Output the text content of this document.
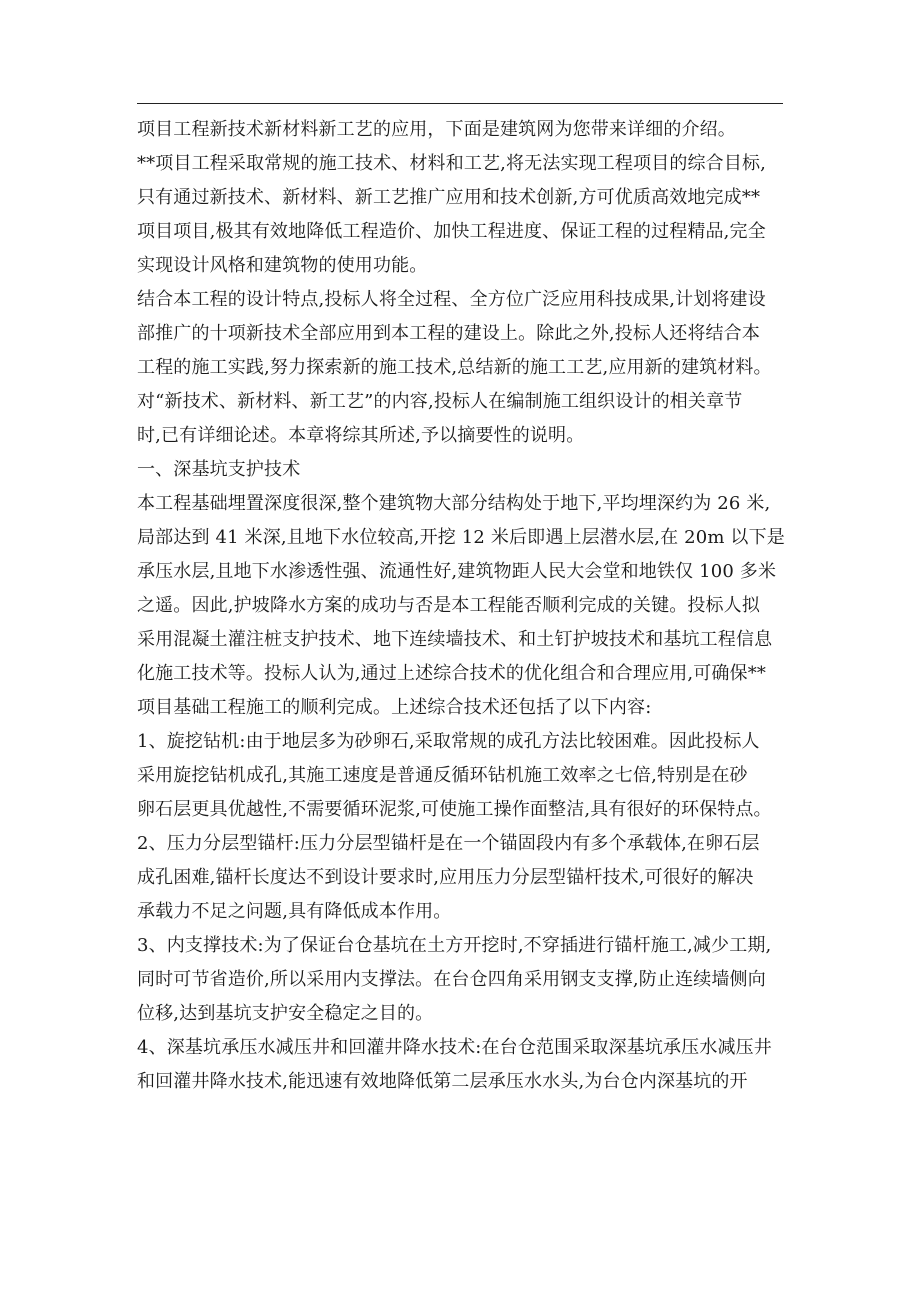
项目工程新技术新材料新工艺的应用，下面是建筑网为您带来详细的介绍。
**项目工程采取常规的施工技术、材料和工艺,将无法实现工程项目的综合目标,
只有通过新技术、新材料、新工艺推广应用和技术创新,方可优质高效地完成**
项目项目,极其有效地降低工程造价、加快工程进度、保证工程的过程精品,完全
实现设计风格和建筑物的使用功能。
结合本工程的设计特点,投标人将全过程、全方位广泛应用科技成果,计划将建设
部推广的十项新技术全部应用到本工程的建设上。除此之外,投标人还将结合本
工程的施工实践,努力探索新的施工技术,总结新的施工工艺,应用新的建筑材料。
对“新技术、新材料、新工艺”的内容,投标人在编制施工组织设计的相关章节
时,已有详细论述。本章将综其所述,予以摘要性的说明。
一、深基坑支护技术
本工程基础埋置深度很深,整个建筑物大部分结构处于地下,平均埋深约为 26 米,
局部达到 41 米深,且地下水位较高,开挖 12 米后即遇上层潜水层,在 20m 以下是
承压水层,且地下水渗透性强、流通性好,建筑物距人民大会堂和地铁仅 100 多米
之遥。因此,护坡降水方案的成功与否是本工程能否顺利完成的关键。投标人拟
采用混凝土灌注桩支护技术、地下连续墙技术、和土钉护坡技术和基坑工程信息
化施工技术等。投标人认为,通过上述综合技术的优化组合和合理应用,可确保**
项目基础工程施工的顺利完成。上述综合技术还包括了以下内容:
1、旋挖钻机:由于地层多为砂卵石,采取常规的成孔方法比较困难。因此投标人
采用旋挖钻机成孔,其施工速度是普通反循环钻机施工效率之七倍,特别是在砂
卵石层更具优越性,不需要循环泥浆,可使施工操作面整洁,具有很好的环保特点。
2、压力分层型锚杆:压力分层型锚杆是在一个锚固段内有多个承载体,在卵石层
成孔困难,锚杆长度达不到设计要求时,应用压力分层型锚杆技术,可很好的解决
承载力不足之问题,具有降低成本作用。
3、内支撑技术:为了保证台仓基坑在土方开挖时,不穿插进行锚杆施工,减少工期,
同时可节省造价,所以采用内支撑法。在台仓四角采用钢支支撑,防止连续墙侧向
位移,达到基坑支护安全稳定之目的。
4、深基坑承压水减压井和回灌井降水技术:在台仓范围采取深基坑承压水减压井
和回灌井降水技术,能迅速有效地降低第二层承压水水头,为台仓内深基坑的开
